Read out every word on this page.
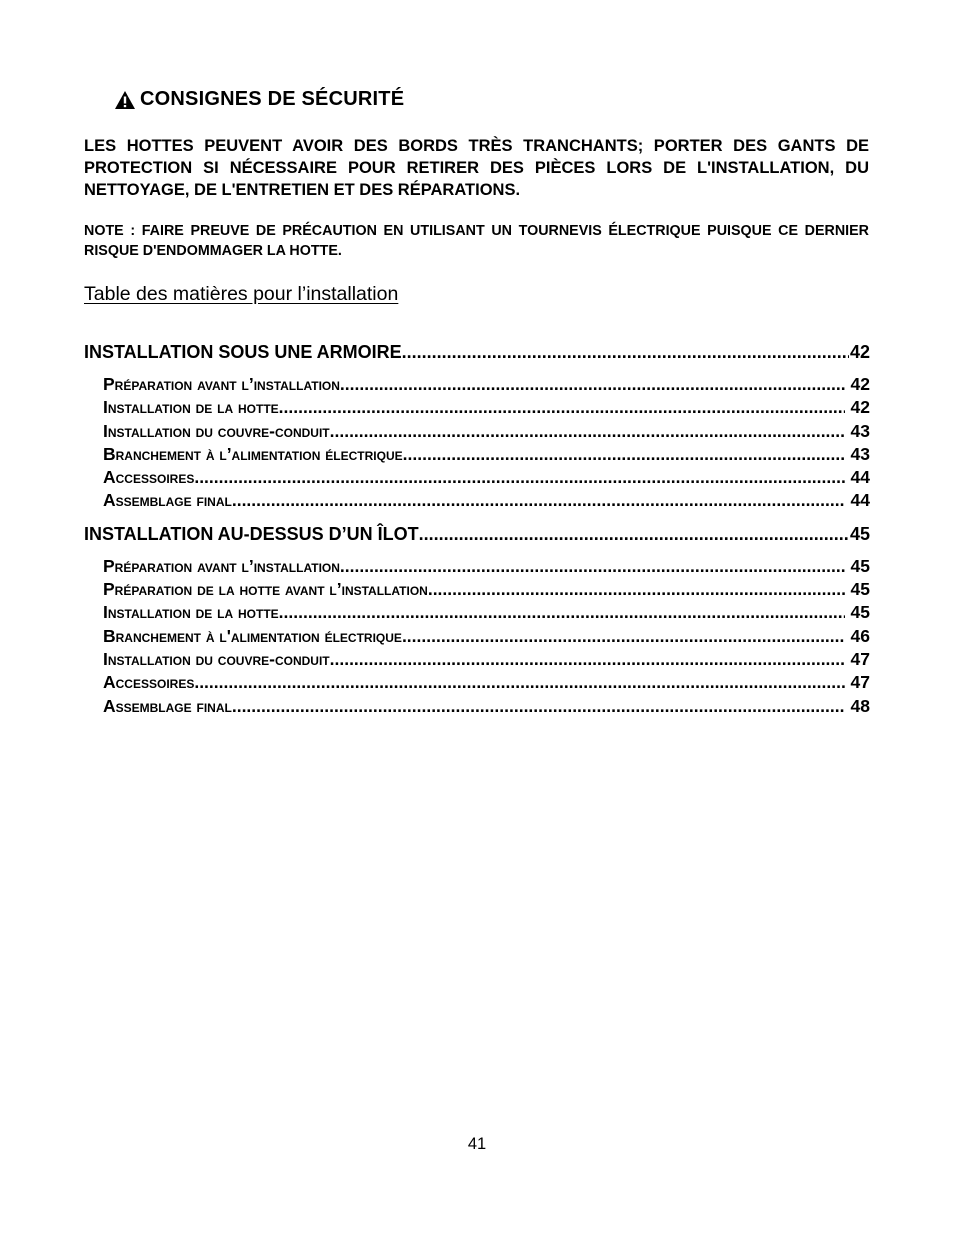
CONSIGNES DE SÉCURITÉ
LES HOTTES PEUVENT AVOIR DES BORDS TRÈS TRANCHANTS; PORTER DES GANTS DE PROTECTION SI NÉCESSAIRE POUR RETIRER DES PIÈCES LORS DE L'INSTALLATION, DU NETTOYAGE, DE L'ENTRETIEN ET DES RÉPARATIONS.
NOTE : FAIRE PREUVE DE PRÉCAUTION EN UTILISANT UN TOURNEVIS ÉLECTRIQUE PUISQUE CE DERNIER RISQUE D'ENDOMMAGER LA HOTTE.
Table des matières pour l’installation
INSTALLATION SOUS UNE ARMOIRE .....	42
Préparation avant l’installation .....	42
Installation de la hotte .....	42
Installation du couvre-conduit .....	43
Branchement à l’alimentation électrique .....	43
Accessoires .....	44
Assemblage final .....	44
INSTALLATION AU-DESSUS D’UN ÎLOT .....	45
Préparation avant l’installation .....	45
Préparation de la hotte avant l’installation .....	45
Installation de la hotte .....	45
Branchement à l'alimentation électrique .....	46
Installation du couvre-conduit .....	47
Accessoires .....	47
Assemblage final .....	48
41
